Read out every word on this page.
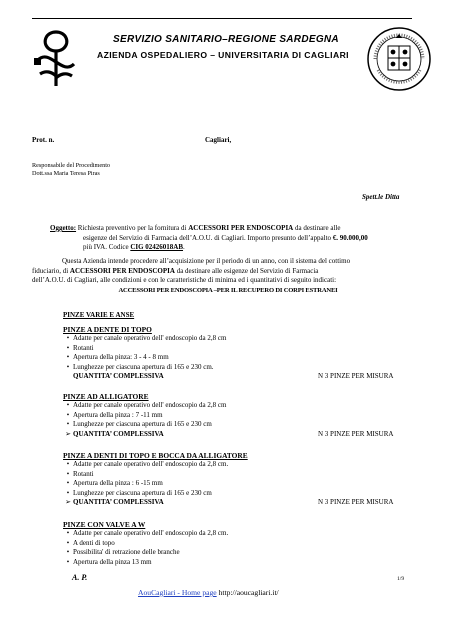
SERVIZIO SANITARIO–REGIONE SARDEGNA
AZIENDA OSPEDALIERO – UNIVERSITARIA DI CAGLIARI
Prot. n.	Cagliari,
Responsabile del Procedimento
Dott.ssa Maria Teresa Piras
Spett.le Ditta
Oggetto: Richiesta preventivo per la fornitura di ACCESSORI PER ENDOSCOPIA da destinare alle
esigenze del Servizio di Farmacia dell’A.O.U. di Cagliari. Importo presunto dell’appalto €. 90.000,00
più IVA. Codice CIG 02426018AB.
Questa Azienda intende procedere all’acquisizione per il periodo di un anno, con il sistema del cottimo
fiduciario, di ACCESSORI PER ENDOSCOPIA da destinare alle esigenze del Servizio di Farmacia
dell’A.O.U. di Cagliari, alle condizioni e con le caratteristiche di minima ed i quantitativi di seguito indicati:
ACCESSORI PER ENDOSCOPIA –PER IL RECUPERO DI CORPI ESTRANEI
PINZE VARIE E ANSE
PINZE A DENTE DI TOPO
• Adatte per canale operativo dell' endoscopio da 2,8 cm
• Rotanti
• Apertura della pinza: 3 - 4 - 8 mm
• Lunghezze per ciascuna apertura di 165 e 230 cm.
QUANTITA’ COMPLESSIVA	N 3 PINZE PER MISURA
PINZE AD ALLIGATORE
• Adatte per canale operativo dell' endoscopio da 2,8 cm
• Apertura della pinza : 7 -11 mm
• Lunghezze per ciascuna apertura di 165 e 230 cm
➢ QUANTITA’ COMPLESSIVA	N 3 PINZE PER MISURA
PINZE A DENTI DI TOPO E BOCCA DA ALLIGATORE
• Adatte per canale operativo dell' endoscopio da 2,8 cm.
• Rotanti
• Apertura della pinza : 6 -15 mm
• Lunghezze per ciascuna apertura di 165 e 230 cm
➢ QUANTITA’ COMPLESSIVA	N 3 PINZE PER MISURA
PINZE CON VALVE A W
• Adatte per canale operativo dell' endoscopio da 2,8 cm.
• A denti di topo
• Possibilita' di retrazione delle branche
• Apertura della pinza 13 mm
A. P.	1/9
AouCagliari - Home page http://aoucagliari.it/
